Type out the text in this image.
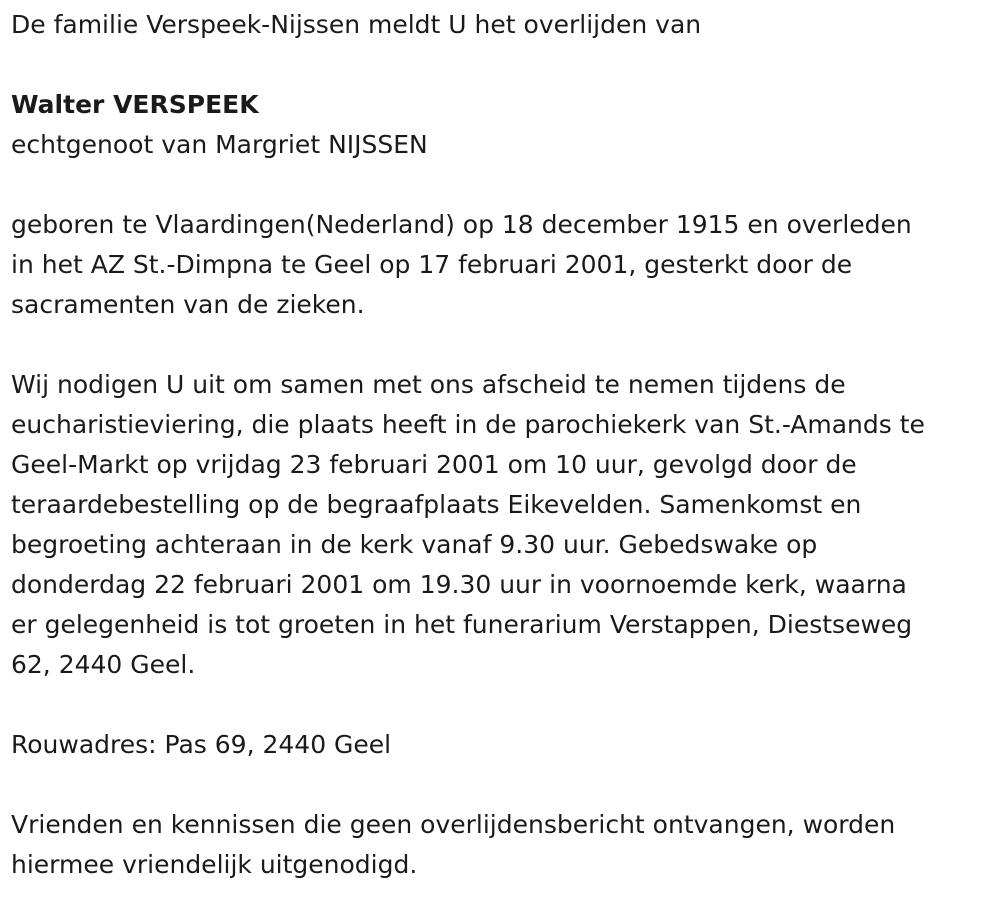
De familie Verspeek-Nijssen meldt U het overlijden van

Walter VERSPEEK

echtgenoot van Margriet NIJSSEN

geboren te Vlaardingen(Nederland) op 18 december 1915 en overleden
in het AZ St.-Dimpna te Geel op 17 februari 2001, gesterkt door de
sacramenten van de zieken.

Wij nodigen U uit om samen met ons afscheid te nemen tijdens de
eucharistieviering, die plaats heeft in de parochiekerk van St.-Amands te
Geel-Markt op vrijdag 23 februari 2001 om 10 uur, gevolgd door de
teraardebestelling op de begraafplaats Eikevelden. Samenkomst en
begroeting achteraan in de kerk vanaf 9.30 uur. Gebedswake op
donderdag 22 februari 2001 om 19.30 uur in voornoemde kerk, waarna
er gelegenheid is tot groeten in het funerarium Verstappen, Diestseweg
62, 2440 Geel.

Rouwadres: Pas 69, 2440 Geel

Vrienden en kennissen die geen overlijdensbericht ontvangen, worden
hiermee vriendelijk uitgenodigd.
